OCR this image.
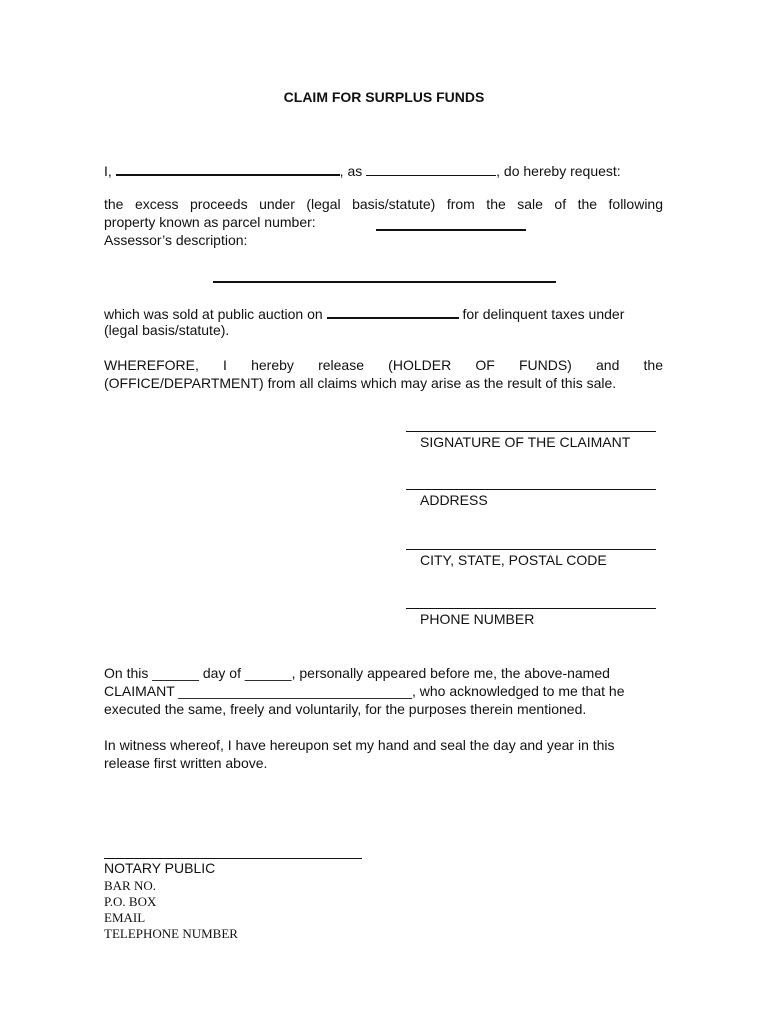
CLAIM FOR SURPLUS FUNDS
I,	, as	, do hereby request:
the excess proceeds under (legal basis/statute) from the sale of the following
property known as parcel number:
Assessor’s description:
which was sold at public auction on	for delinquent taxes under
(legal basis/statute).
WHEREFORE, I hereby release (HOLDER OF FUNDS) and the
(OFFICE/DEPARTMENT) from all claims which may arise as the result of this sale.
SIGNATURE OF THE CLAIMANT
ADDRESS
CITY, STATE, POSTAL CODE
PHONE NUMBER
On this ______ day of ______, personally appeared before me, the above-named
CLAIMANT ______________________________, who acknowledged to me that he
executed the same, freely and voluntarily, for the purposes therein mentioned.
In witness whereof, I have hereupon set my hand and seal the day and year in this
release first written above.
NOTARY PUBLIC
BAR NO.
P.O. BOX
EMAIL
TELEPHONE NUMBER
